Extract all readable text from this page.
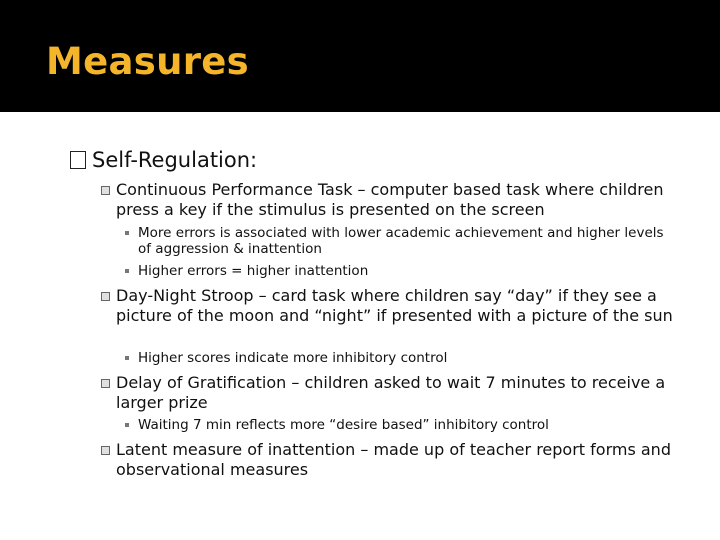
Measures
Self-Regulation:
Continuous Performance Task – computer based task where children press a key if the stimulus is presented on the screen
More errors is associated with lower academic achievement and higher levels of aggression & inattention
Higher errors = higher inattention
Day-Night Stroop – card task where children say “day” if they see a picture of the moon and “night” if presented with a picture of the sun
Higher scores indicate more inhibitory control
Delay of Gratification – children asked to wait 7 minutes to receive a larger prize
Waiting 7 min reflects more “desire based” inhibitory control
Latent measure of inattention – made up of teacher report forms and observational measures
